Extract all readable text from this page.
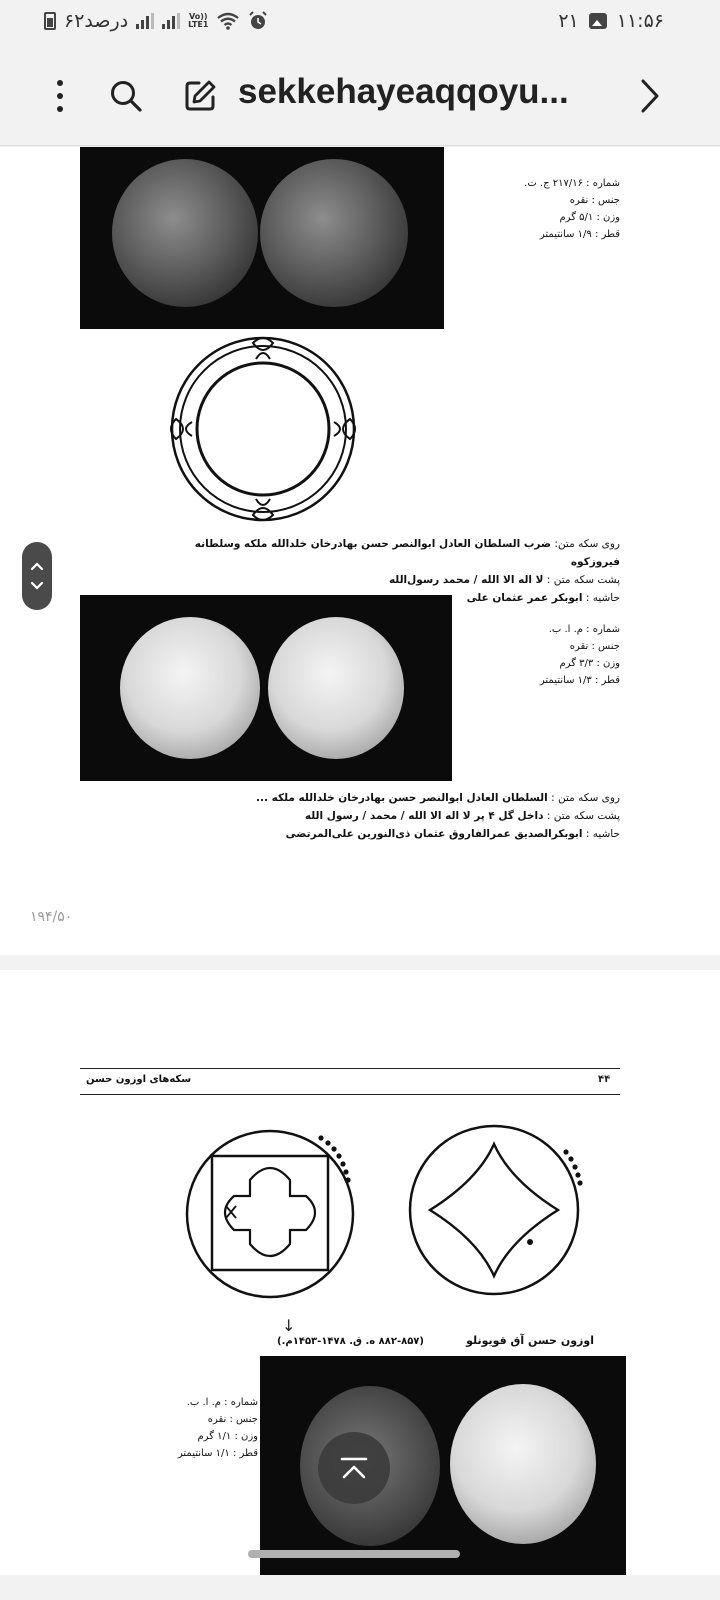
۶۲درصد	Vo))
LTE1	۲۱ ۱۱:۵۶
sekkehayeaqqoyu...
شماره : ۲۱۷/۱۶ ج. ت.
جنس : نقره
وزن : ۵/۱ گرم
قطر : ۱/۹ سانتیمتر
روی سکه متن: ضرب السلطان العادل ابوالنصر حسن بهادرخان خلدالله ملکه وسلطانه فیروزکوه
پشت سکه متن : لا اله الا الله / محمد رسول‌الله
حاشیه : ابوبکر عمر عثمان علی
شماره : م. ا. ب.
جنس : نقره
وزن : ۳/۳ گرم
قطر : ۱/۳ سانتیمتر
روی سکه متن : السلطان العادل ابوالنصر حسن بهادرخان خلدالله ملکه ...
پشت سکه متن : داخل گل ۴ پر لا اله الا الله / محمد / رسول الله
حاشیه : ابوبکرالصدیق عمرالفاروق عثمان ذی‌النورین علی‌المرتضی
۱۹۴/۵۰
سکه‌های اوزون حسن	۴۴
↓
(۸۸۲-۸۵۷ ه. ق. ۱۴۷۸-۱۴۵۳م.)	اوزون حسن آق قویونلو
شماره : م. ا. ب.
جنس : نقره
وزن : ۱/۱ گرم
قطر : ۱/۱ سانتیمتر
